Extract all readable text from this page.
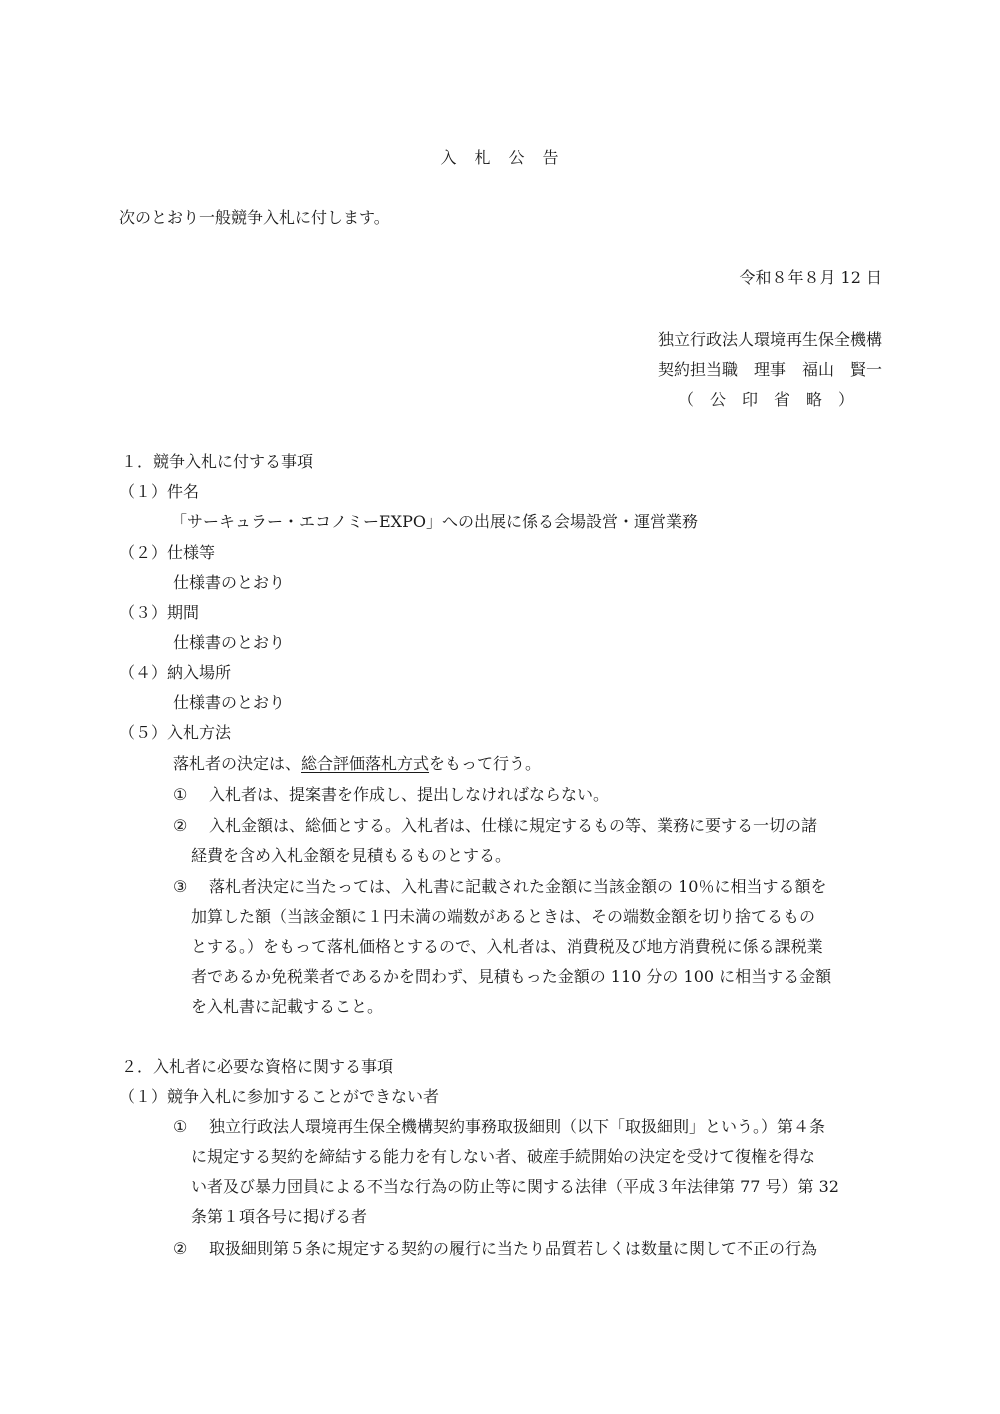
入　札　公　告
次のとおり一般競争入札に付します。
令和８年８月 12 日
独立行政法人環境再生保全機構
契約担当職　理事　福山　賢一
（　公　印　省　略　）
１．競争入札に付する事項
（１）件名
「サーキュラー・エコノミーEXPO」への出展に係る会場設営・運営業務
（２）仕様等
仕様書のとおり
（３）期間
仕様書のとおり
（４）納入場所
仕様書のとおり
（５）入札方法
落札者の決定は、総合評価落札方式をもって行う。
① 入札者は、提案書を作成し、提出しなければならない。
② 入札金額は、総価とする。入札者は、仕様に規定するもの等、業務に要する一切の諸
経費を含め入札金額を見積もるものとする。
③ 落札者決定に当たっては、入札書に記載された金額に当該金額の 10％に相当する額を
加算した額（当該金額に１円未満の端数があるときは、その端数金額を切り捨てるもの
とする。）をもって落札価格とするので、入札者は、消費税及び地方消費税に係る課税業
者であるか免税業者であるかを問わず、見積もった金額の 110 分の 100 に相当する金額
を入札書に記載すること。
２．入札者に必要な資格に関する事項
（１）競争入札に参加することができない者
① 独立行政法人環境再生保全機構契約事務取扱細則（以下「取扱細則」という。）第４条
に規定する契約を締結する能力を有しない者、破産手続開始の決定を受けて復権を得な
い者及び暴力団員による不当な行為の防止等に関する法律（平成３年法律第 77 号）第 32
条第１項各号に掲げる者
② 取扱細則第５条に規定する契約の履行に当たり品質若しくは数量に関して不正の行為
